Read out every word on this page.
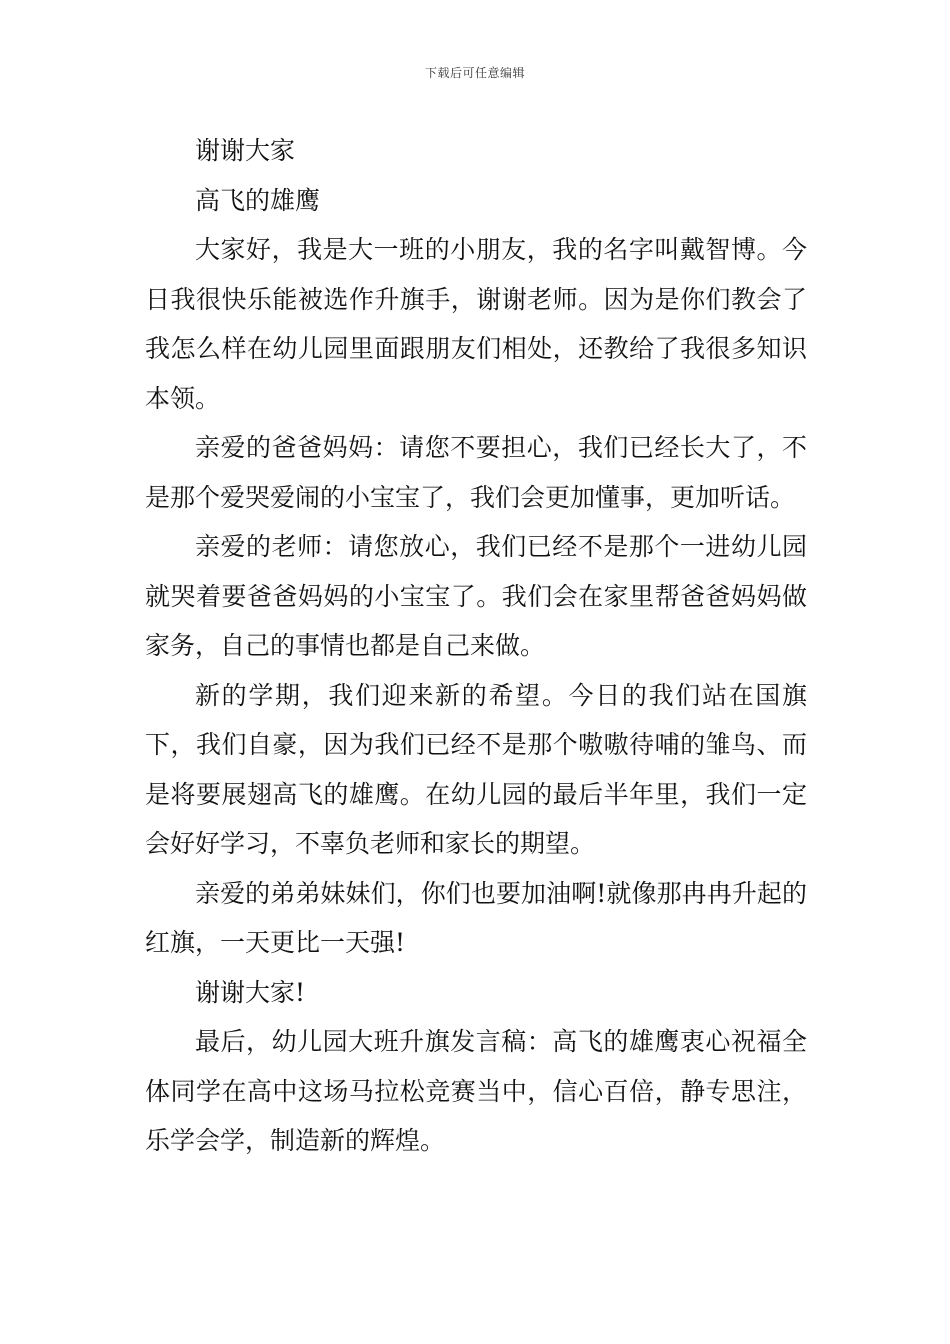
下载后可任意编辑

谢谢大家

高飞的雄鹰

大家好，我是大一班的小朋友，我的名字叫戴智博。今日我很快乐能被选作升旗手，谢谢老师。因为是你们教会了我怎么样在幼儿园里面跟朋友们相处，还教给了我很多知识本领。

亲爱的爸爸妈妈：请您不要担心，我们已经长大了，不是那个爱哭爱闹的小宝宝了，我们会更加懂事，更加听话。

亲爱的老师：请您放心，我们已经不是那个一进幼儿园就哭着要爸爸妈妈的小宝宝了。我们会在家里帮爸爸妈妈做家务，自己的事情也都是自己来做。

新的学期，我们迎来新的希望。今日的我们站在国旗下，我们自豪，因为我们已经不是那个嗷嗷待哺的雏鸟、而是将要展翅高飞的雄鹰。在幼儿园的最后半年里，我们一定会好好学习，不辜负老师和家长的期望。

亲爱的弟弟妹妹们，你们也要加油啊!就像那冉冉升起的红旗，一天更比一天强!

谢谢大家!

最后，幼儿园大班升旗发言稿：高飞的雄鹰衷心祝福全体同学在高中这场马拉松竞赛当中，信心百倍，静专思注，乐学会学，制造新的辉煌。
